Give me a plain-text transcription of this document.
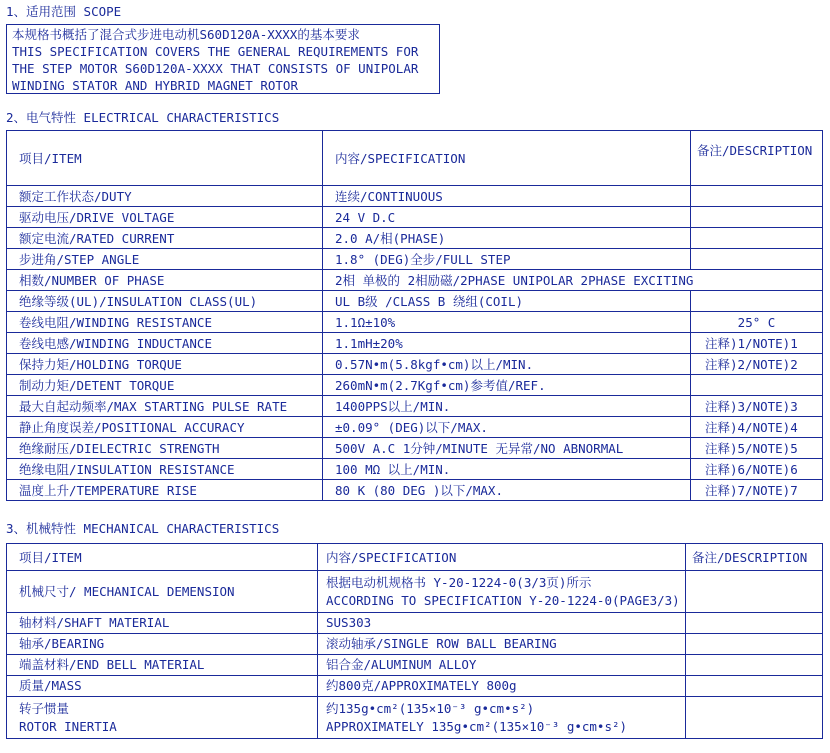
1、适用范围 SCOPE
本规格书概括了混合式步进电动机S60D120A-XXXX的基本要求
THIS SPECIFICATION COVERS THE GENERAL REQUIREMENTS FOR
THE STEP MOTOR S60D120A-XXXX THAT CONSISTS OF UNIPOLAR
WINDING STATOR AND HYBRID MAGNET ROTOR
2、电气特性 ELECTRICAL CHARACTERISTICS
项目/ITEM	内容/SPECIFICATION	备注/DESCRIPTION
额定工作状态/DUTY	连续/CONTINUOUS	
驱动电压/DRIVE VOLTAGE	24 V D.C	
额定电流/RATED CURRENT	2.0 A/相(PHASE)	
步进角/STEP ANGLE	1.8° (DEG)全步/FULL STEP	
相数/NUMBER OF PHASE	2相 单极的 2相励磁/2PHASE UNIPOLAR 2PHASE EXCITING	
绝缘等级(UL)/INSULATION CLASS(UL)	UL B级 /CLASS B 绕组(COIL)	
卷线电阻/WINDING RESISTANCE	1.1Ω±10%	25° C
卷线电感/WINDING INDUCTANCE	1.1mH±20%	注释)1/NOTE)1
保持力矩/HOLDING TORQUE	0.57N•m(5.8kgf•cm)以上/MIN.	注释)2/NOTE)2
制动力矩/DETENT TORQUE	260mN•m(2.7Kgf•cm)参考值/REF.	
最大自起动频率/MAX STARTING PULSE RATE	1400PPS以上/MIN.	注释)3/NOTE)3
静止角度误差/POSITIONAL ACCURACY	±0.09° (DEG)以下/MAX.	注释)4/NOTE)4
绝缘耐压/DIELECTRIC STRENGTH	500V A.C 1分钟/MINUTE 无异常/NO ABNORMAL	注释)5/NOTE)5
绝缘电阻/INSULATION RESISTANCE	100 MΩ 以上/MIN.	注释)6/NOTE)6
温度上升/TEMPERATURE RISE	80 K (80 DEG )以下/MAX.	注释)7/NOTE)7
3、机械特性 MECHANICAL CHARACTERISTICS
项目/ITEM	内容/SPECIFICATION	备注/DESCRIPTION

机械尺寸/ MECHANICAL DEMENSION	根据电动机规格书 Y-20-1224-0(3/3页)所示
ACCORDING TO SPECIFICATION Y-20-1224-0(PAGE3/3)	

轴材料/SHAFT MATERIAL	SUS303	

轴承/BEARING	滚动轴承/SINGLE ROW BALL BEARING	

端盖材料/END BELL MATERIAL	铝合金/ALUMINUM ALLOY	

质量/MASS	约800克/APPROXIMATELY 800g	

转子惯量
ROTOR INERTIA	约135g•cm²(135×10⁻³ g•cm•s²)
APPROXIMATELY 135g•cm²(135×10⁻³ g•cm•s²)	
